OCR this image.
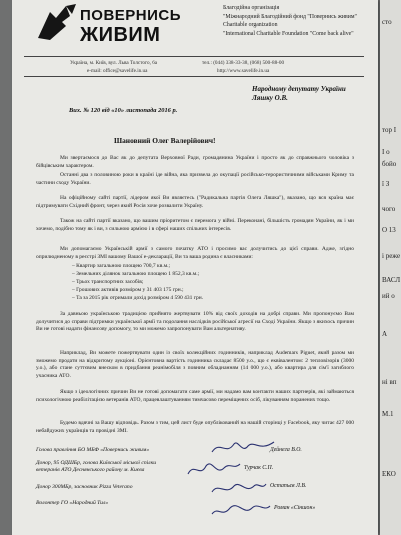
ПОВЕРНИСЬ
ЖИВИМ
Благодійна організація
"Міжнародний Благодійний фонд "Повернись живим"
Charitable organization
"International Charitable Foundation "Come back alive"
Україна, м. Київ, вул. Льва Толстого, 6а	тел.: (044) 338-33-38, (068) 500-88-00
e-mail: office@savelife.in.ua	http://www.savelife.in.ua
Народному депутату України
Ляшку О.В.
Вих. № 120 від «10» листопада 2016 р.
Шановний Олег Валерійович!
Ми звертаємося до Вас як до депутата Верховної Ради, громадянина України і просто як до справжнього чоловіка з бійцівським характером.
Останні два з половиною роки в країні іде війна, яка призвела до окупації російсько-терористичними військами Криму та частини сходу України.
На офіційному сайті партії, лідером якої Ви являєтесь ("Радикальна партія Олега Ляшка"), вказано, що вся країна має підтримувати Східний фронт, через який Росія хоче розвалити Україну.
Також на сайті партії вказано, що вашим пріоритетом є перемога у війні. Переконані, більшість громадян України, як і ми хочемо, подібно тому як і ви, з сильною армією і в сфері наших спільних інтересів.
Ми допомагаємо Українській армії з самого початку АТО і просимо вас долучитись до цієї справи. Адже, згідно оприлюдненому в реєстрі ЗМІ вашому Вашої е-декларації, Ви та ваша родина є власниками:
– Квартир загальною площею 700,7 кв.м.;
– Земельних ділянок загальною площею 1 852,3 кв.м.;
– Трьох транспортних засобів;
– Грошових активів розміром у 31 403 175 грн.;
– Та за 2015 рік отримали дохід розміром 4 590 431 грн.
За давньою українською традицією прийнято жертвувати 10% від своїх доходів на добрі справи. Ми пропонуємо Вам долучитися до справи підтримки української армії та подолання наслідків російської агресії на Сході України. Якщо з якихось причин Ви не готові надати фінансову допомогу, то ми можемо запропонувати Вам альтернативу.
Наприклад, Ви можете пожертвувати один із своїх колекційних годинників, наприклад Audemars Piguet, який разом ми зможемо продати на відкритому аукціоні. Орієнтовна вартість годинника складає 8500 у.о., що є еквівалентом: 2 тепловізорів (3000 у.о.), або стане суттєвим внеском в придбання реанімобіля з повним обладнанням (14 000 у.о.), або квартира для сім'ї загиблого учасника АТО.
Якщо з ідеологічних причин Ви не готові допомагати саме армії, ми надамо вам контакти наших партнерів, які займаються психологічною реабілітацією ветеранів АТО, працевлаштуванням тимчасово переміщених осіб, лікуванням поранених тощо.
Будемо вдячні за Вашу відповідь. Разом з тим, цей лист буде опублікований на нашій сторінці у Facebook, яку читає 427 000 небайдужих українців та провідні ЗМІ.
Голова правління БО МБФ «Повернись живим»	Дейнега В.О.
Донор, 95 ОДШБр, голова Київської міської спілки ветеранів АТО Деснянського району м. Києва	Турчак С.П.
Донор 300МБр, засновник Pizza Veterano	Остапьєв Л.В.
Волонтер ГО «Народний Тил»
Роман «Сіншон»
сто
тор І
І о
бойо
ї З
чого
О 13
і реже
ВАСЛ
ий о
А
ні вп
М.1
ЕКО
